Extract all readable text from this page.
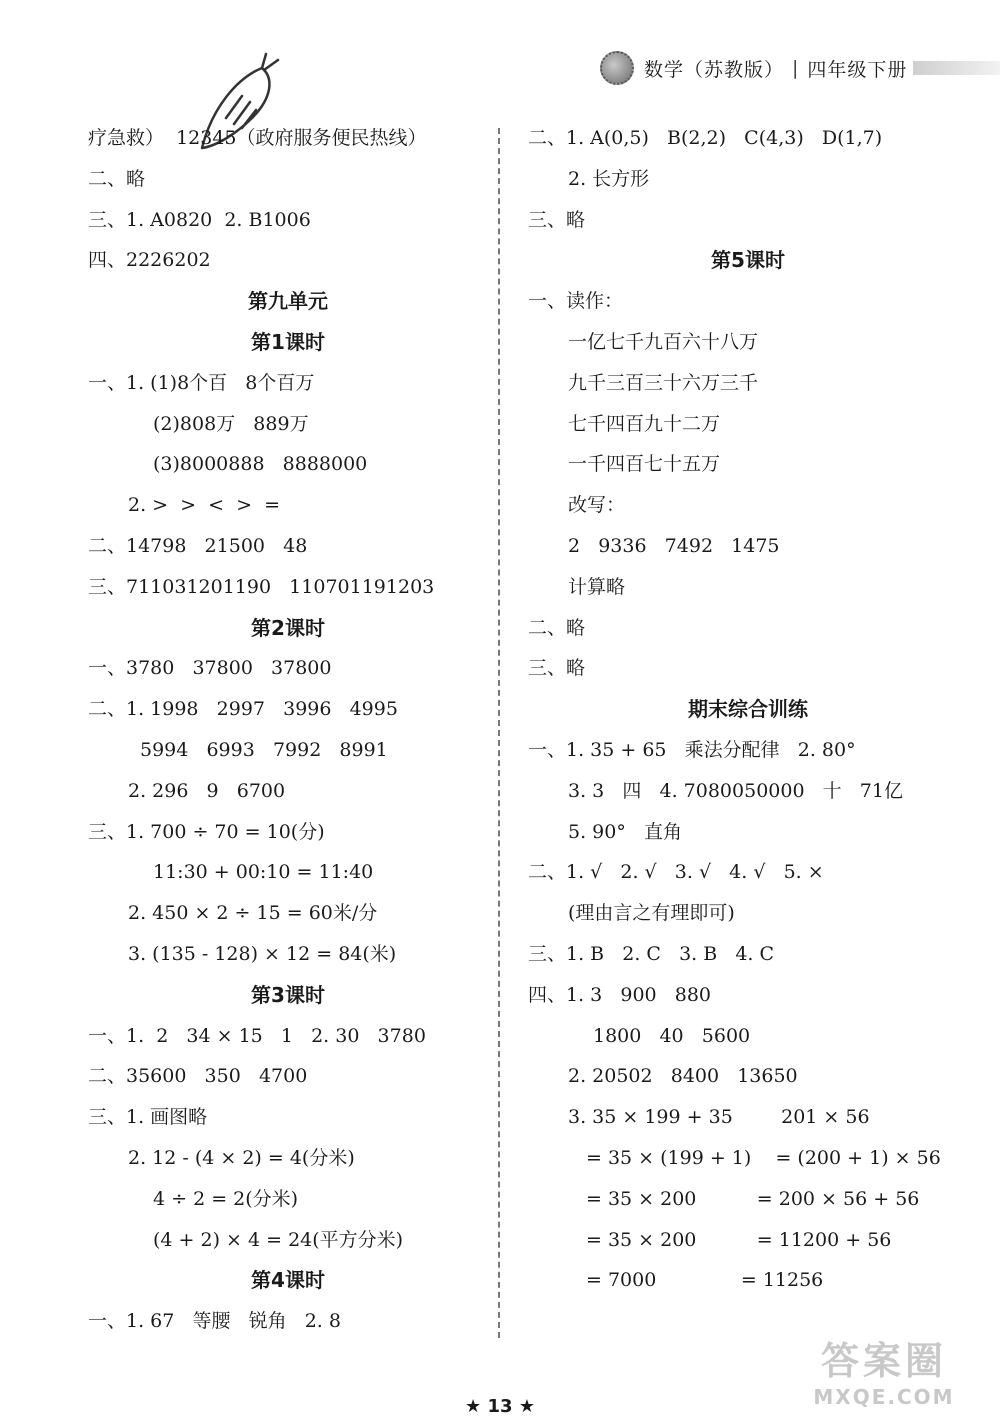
数学（苏教版） | 四年级下册
疗急救）  12345（政府服务便民热线）
二、略
三、1. A0820  2. B1006
四、2226202
第九单元
第1课时
一、1. (1)8个百   8个百万
(2)808万   889万
(3)8000888   8888000
2. >  >  <  >  =
二、14798   21500   48
三、711031201190   110701191203
第2课时
一、3780   37800   37800
二、1. 1998   2997   3996   4995
5994   6993   7992   8991
2. 296   9   6700
三、1. 700 ÷ 70 = 10(分)
11:30 + 00:10 = 11:40
2. 450 × 2 ÷ 15 = 60米/分
3. (135 - 128) × 12 = 84(米)
第3课时
一、1.  2   34 × 15   1   2. 30   3780
二、35600   350   4700
三、1. 画图略
2. 12 - (4 × 2) = 4(分米)
4 ÷ 2 = 2(分米)
(4 + 2) × 4 = 24(平方分米)
第4课时
一、1. 67   等腰   锐角   2. 8
二、1. A(0,5)   B(2,2)   C(4,3)   D(1,7)
2. 长方形
三、略
第5课时
一、读作：
一亿七千九百六十八万
九千三百三十六万三千
七千四百九十二万
一千四百七十五万
改写：
2   9336   7492   1475
计算略
二、略
三、略
期末综合训练
一、1. 35 + 65   乘法分配律   2. 80°
3. 3   四   4. 7080050000   十   71亿
5. 90°   直角
二、1. √   2. √   3. √   4. √   5. ×
(理由言之有理即可)
三、1. B   2. C   3. B   4. C
四、1. 3   900   880
1800   40   5600
2. 20502   8400   13650
3. 35 × 199 + 35        201 × 56
= 35 × (199 + 1)    = (200 + 1) × 56
= 35 × 200          = 200 × 56 + 56
= 35 × 200          = 11200 + 56
= 7000              = 11256
★ 13 ★
答案圈
MXQE.COM
